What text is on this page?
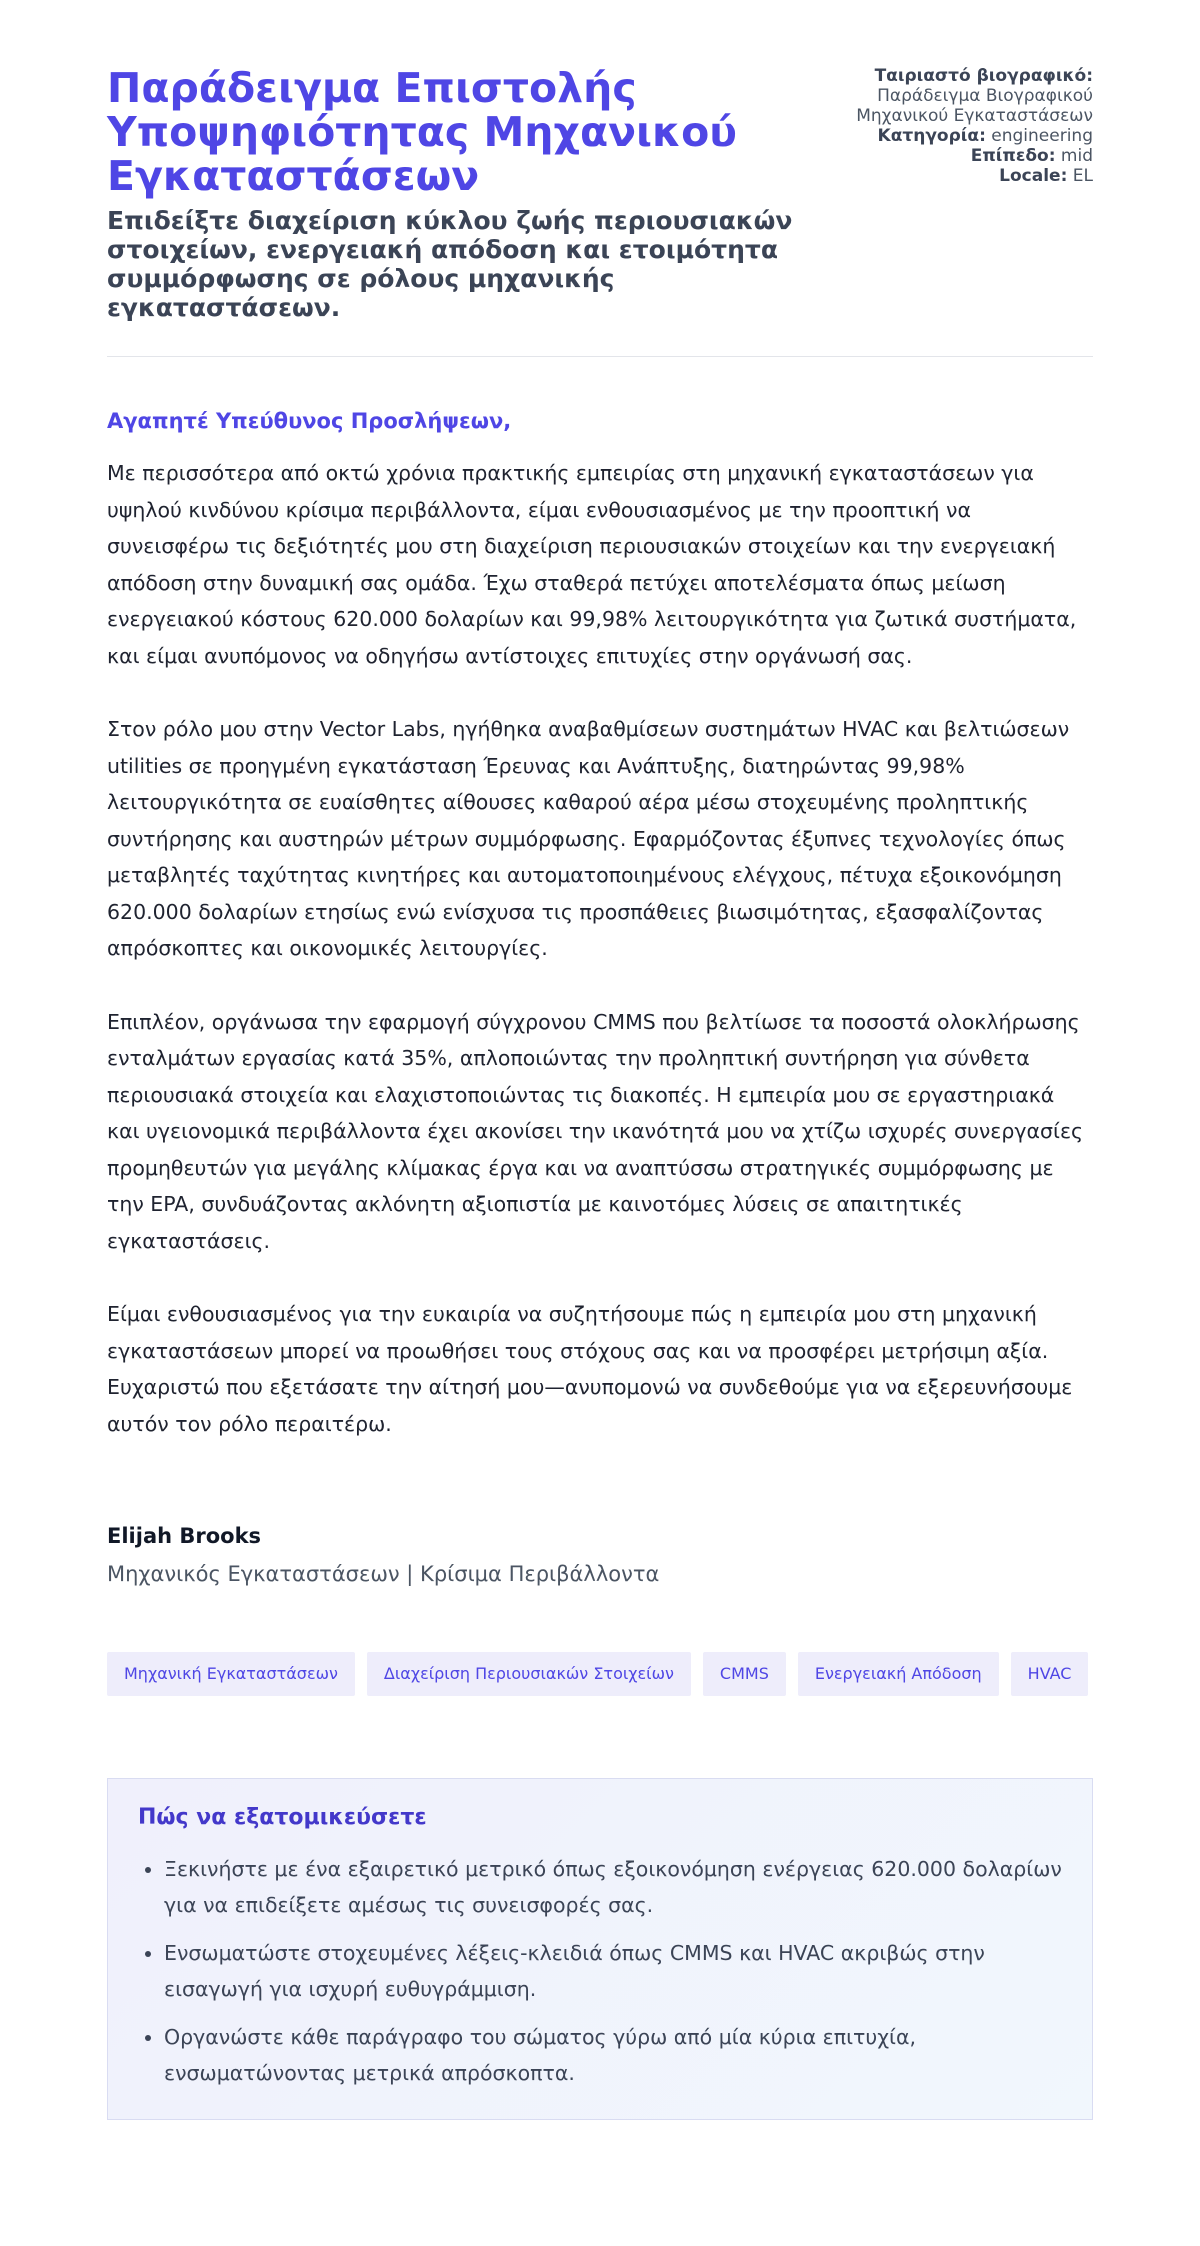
Παράδειγμα Επιστολής Υποψηφιότητας Μηχανικού Εγκαταστάσεων

Επιδείξτε διαχείριση κύκλου ζωής περιουσιακών στοιχείων, ενεργειακή απόδοση και ετοιμότητα συμμόρφωσης σε ρόλους μηχανικής εγκαταστάσεων.

Ταιριαστό βιογραφικό:
Παράδειγμα Βιογραφικού Μηχανικού Εγκαταστάσεων

Κατηγορία: engineering

Επίπεδο: mid

Locale: EL

Αγαπητέ Υπεύθυνος Προσλήψεων,

Με περισσότερα από οκτώ χρόνια πρακτικής εμπειρίας στη μηχανική εγκαταστάσεων για υψηλού κινδύνου κρίσιμα περιβάλλοντα, είμαι ενθουσιασμένος με την προοπτική να συνεισφέρω τις δεξιότητές μου στη διαχείριση περιουσιακών στοιχείων και την ενεργειακή απόδοση στην δυναμική σας ομάδα. Έχω σταθερά πετύχει αποτελέσματα όπως μείωση ενεργειακού κόστους 620.000 δολαρίων και 99,98% λειτουργικότητα για ζωτικά συστήματα, και είμαι ανυπόμονος να οδηγήσω αντίστοιχες επιτυχίες στην οργάνωσή σας.

Στον ρόλο μου στην Vector Labs, ηγήθηκα αναβαθμίσεων συστημάτων HVAC και βελτιώσεων utilities σε προηγμένη εγκατάσταση Έρευνας και Ανάπτυξης, διατηρώντας 99,98% λειτουργικότητα σε ευαίσθητες αίθουσες καθαρού αέρα μέσω στοχευμένης προληπτικής συντήρησης και αυστηρών μέτρων συμμόρφωσης. Εφαρμόζοντας έξυπνες τεχνολογίες όπως μεταβλητές ταχύτητας κινητήρες και αυτοματοποιημένους ελέγχους, πέτυχα εξοικονόμηση 620.000 δολαρίων ετησίως ενώ ενίσχυσα τις προσπάθειες βιωσιμότητας, εξασφαλίζοντας απρόσκοπτες και οικονομικές λειτουργίες.

Επιπλέον, οργάνωσα την εφαρμογή σύγχρονου CMMS που βελτίωσε τα ποσοστά ολοκλήρωσης ενταλμάτων εργασίας κατά 35%, απλοποιώντας την προληπτική συντήρηση για σύνθετα περιουσιακά στοιχεία και ελαχιστοποιώντας τις διακοπές. Η εμπειρία μου σε εργαστηριακά και υγειονομικά περιβάλλοντα έχει ακονίσει την ικανότητά μου να χτίζω ισχυρές συνεργασίες προμηθευτών για μεγάλης κλίμακας έργα και να αναπτύσσω στρατηγικές συμμόρφωσης με την EPA, συνδυάζοντας ακλόνητη αξιοπιστία με καινοτόμες λύσεις σε απαιτητικές εγκαταστάσεις.

Είμαι ενθουσιασμένος για την ευκαιρία να συζητήσουμε πώς η εμπειρία μου στη μηχανική εγκαταστάσεων μπορεί να προωθήσει τους στόχους σας και να προσφέρει μετρήσιμη αξία. Ευχαριστώ που εξετάσατε την αίτησή μου—ανυπομονώ να συνδεθούμε για να εξερευνήσουμε αυτόν τον ρόλο περαιτέρω.

Elijah Brooks

Μηχανικός Εγκαταστάσεων | Κρίσιμα Περιβάλλοντα

Μηχανική Εγκαταστάσεων	Διαχείριση Περιουσιακών Στοιχείων	CMMS	Ενεργειακή Απόδοση	HVAC
Πώς να εξατομικεύσετε
• Ξεκινήστε με ένα εξαιρετικό μετρικό όπως εξοικονόμηση ενέργειας 620.000 δολαρίων για να επιδείξετε αμέσως τις συνεισφορές σας.
• Ενσωματώστε στοχευμένες λέξεις-κλειδιά όπως CMMS και HVAC ακριβώς στην εισαγωγή για ισχυρή ευθυγράμμιση.
• Οργανώστε κάθε παράγραφο του σώματος γύρω από μία κύρια επιτυχία, ενσωματώνοντας μετρικά απρόσκοπτα.
